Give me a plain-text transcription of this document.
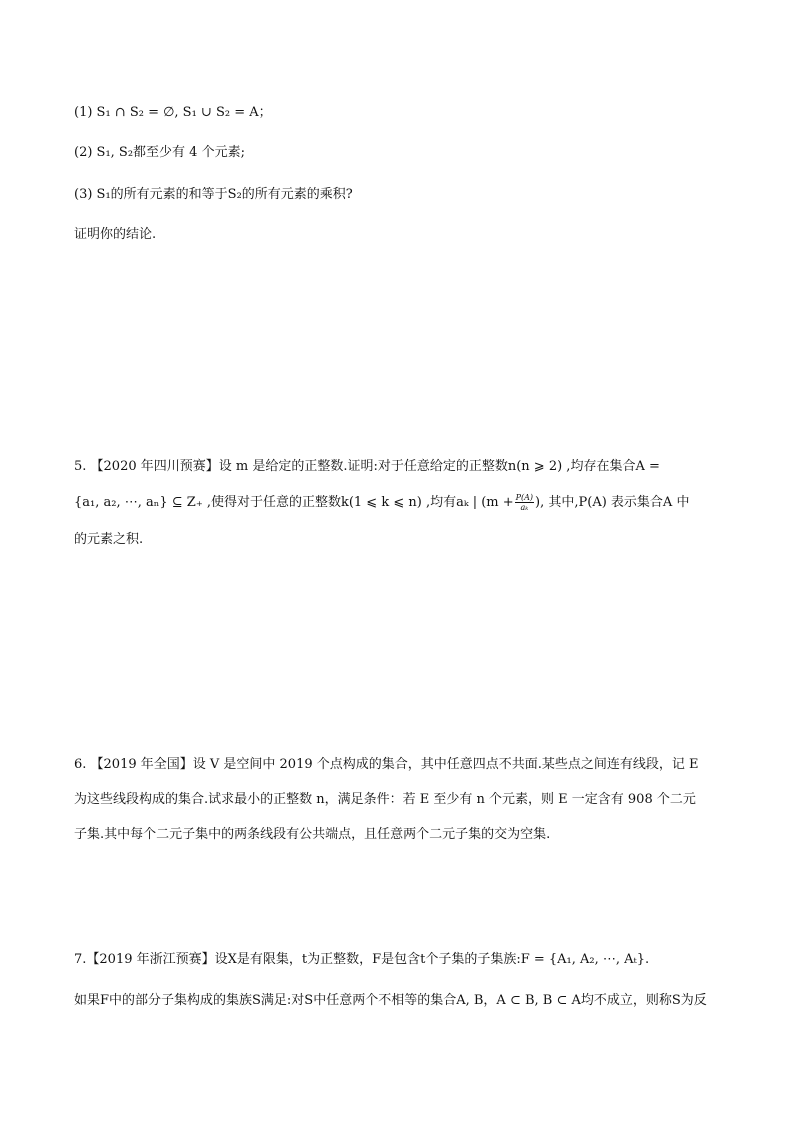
(1) S₁ ∩ S₂ = ∅, S₁ ∪ S₂ = A；
(2) S₁, S₂都至少有 4 个元素;
(3) S₁的所有元素的和等于S₂的所有元素的乘积?
证明你的结论.
5. 【2020 年四川预赛】设 m 是给定的正整数.证明:对于任意给定的正整数n(n ⩾ 2) ,均存在集合A =
{a₁, a₂, ⋯, aₙ} ⊆ Z₊ ,使得对于任意的正整数k(1 ⩽ k ⩽ n) ,均有aₖ | ($m + \frac{P(A)}{\text{aₖ}}$ ), 其中,P(A) 表示集合A 中
的元素之积.
6. 【2019 年全国】设 V 是空间中 2019 个点构成的集合，其中任意四点不共面.某些点之间连有线段，记 E
为这些线段构成的集合.试求最小的正整数 n，满足条件：若 E 至少有 n 个元素，则 E 一定含有 908 个二元
子集.其中每个二元子集中的两条线段有公共端点，且任意两个二元子集的交为空集.
7.【2019 年浙江预赛】设X是有限集，t为正整数，F是包含t个子集的子集族:F = {A₁, A₂, ⋯, Aₜ}.
如果F中的部分子集构成的集族S满足:对S中任意两个不相等的集合A, B，A ⊂ B, B ⊂ A均不成立，则称S为反
